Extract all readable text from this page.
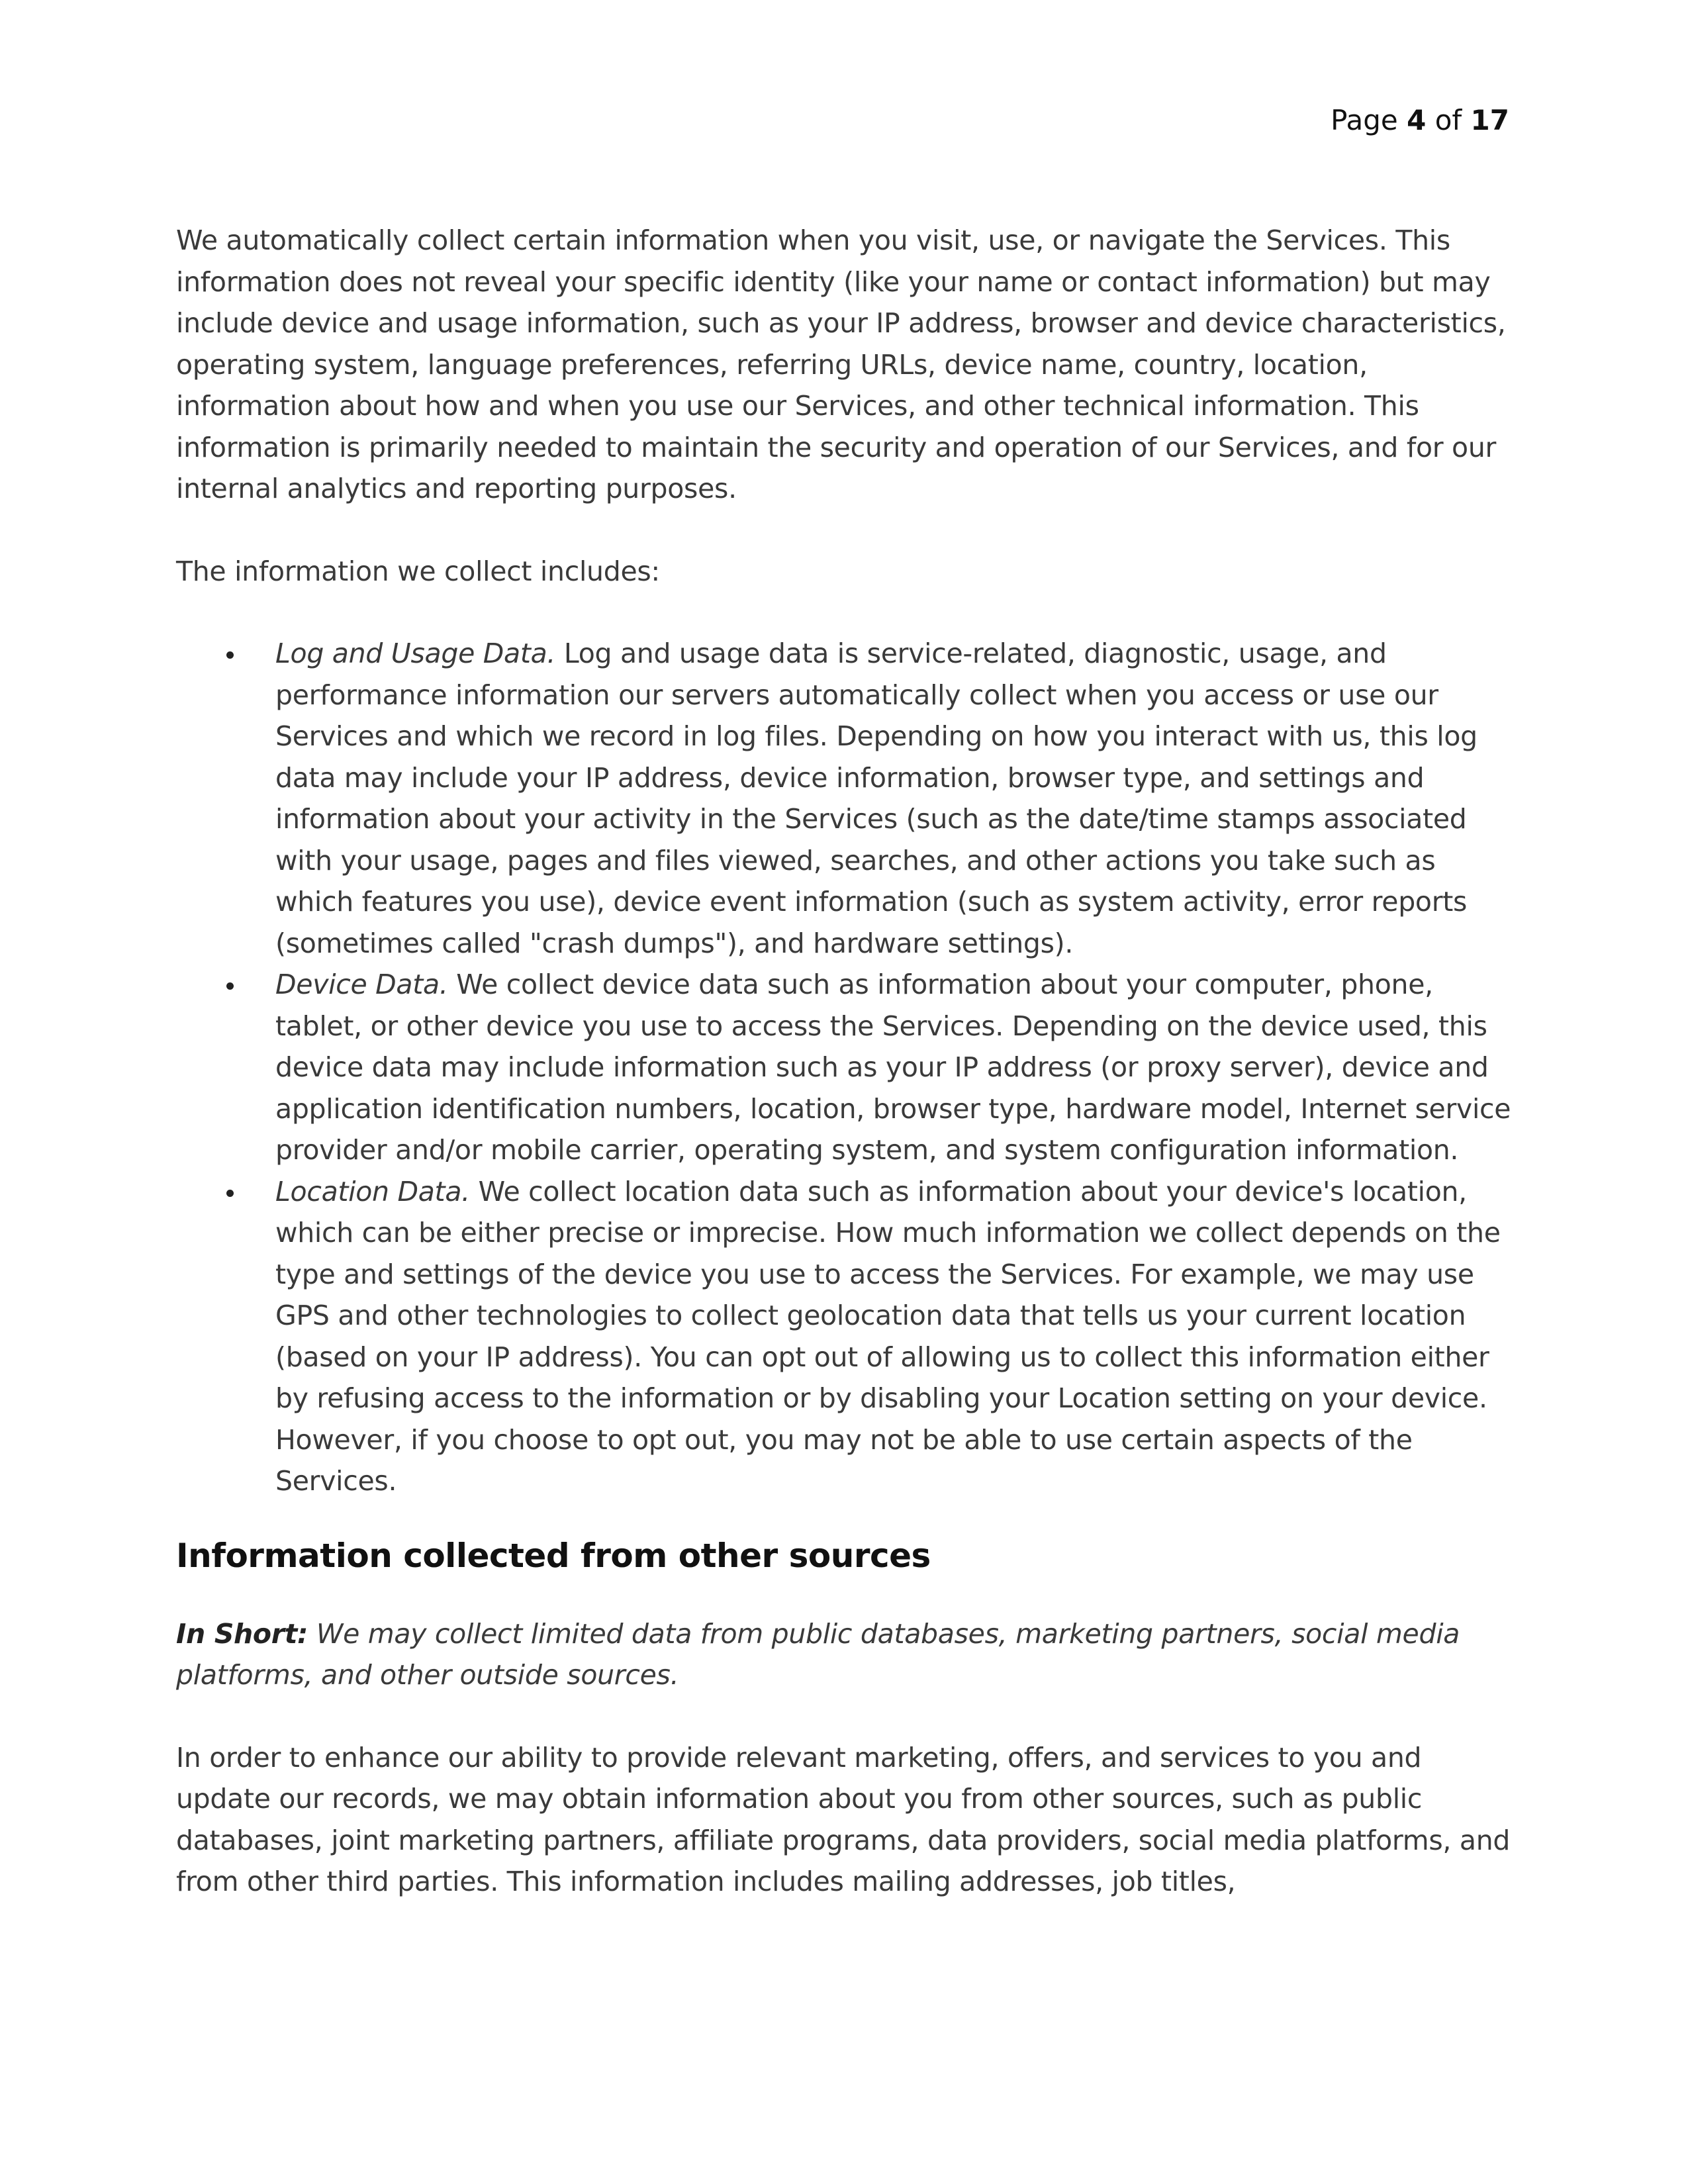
Page 4 of 17

We automatically collect certain information when you visit, use, or navigate the Services. This information does not reveal your specific identity (like your name or contact information) but may include device and usage information, such as your IP address, browser and device characteristics, operating system, language preferences, referring URLs, device name, country, location, information about how and when you use our Services, and other technical information. This information is primarily needed to maintain the security and operation of our Services, and for our internal analytics and reporting purposes.

The information we collect includes:

Log and Usage Data. Log and usage data is service-related, diagnostic, usage, and performance information our servers automatically collect when you access or use our Services and which we record in log files. Depending on how you interact with us, this log data may include your IP address, device information, browser type, and settings and information about your activity in the Services (such as the date/time stamps associated with your usage, pages and files viewed, searches, and other actions you take such as which features you use), device event information (such as system activity, error reports (sometimes called "crash dumps"), and hardware settings).
Device Data. We collect device data such as information about your computer, phone, tablet, or other device you use to access the Services. Depending on the device used, this device data may include information such as your IP address (or proxy server), device and application identification numbers, location, browser type, hardware model, Internet service provider and/or mobile carrier, operating system, and system configuration information.
Location Data. We collect location data such as information about your device's location, which can be either precise or imprecise. How much information we collect depends on the type and settings of the device you use to access the Services. For example, we may use GPS and other technologies to collect geolocation data that tells us your current location (based on your IP address). You can opt out of allowing us to collect this information either by refusing access to the information or by disabling your Location setting on your device. However, if you choose to opt out, you may not be able to use certain aspects of the Services.
Information collected from other sources

In Short: We may collect limited data from public databases, marketing partners, social media platforms, and other outside sources.

In order to enhance our ability to provide relevant marketing, offers, and services to you and update our records, we may obtain information about you from other sources, such as public databases, joint marketing partners, affiliate programs, data providers, social media platforms, and from other third parties. This information includes mailing addresses, job titles,
